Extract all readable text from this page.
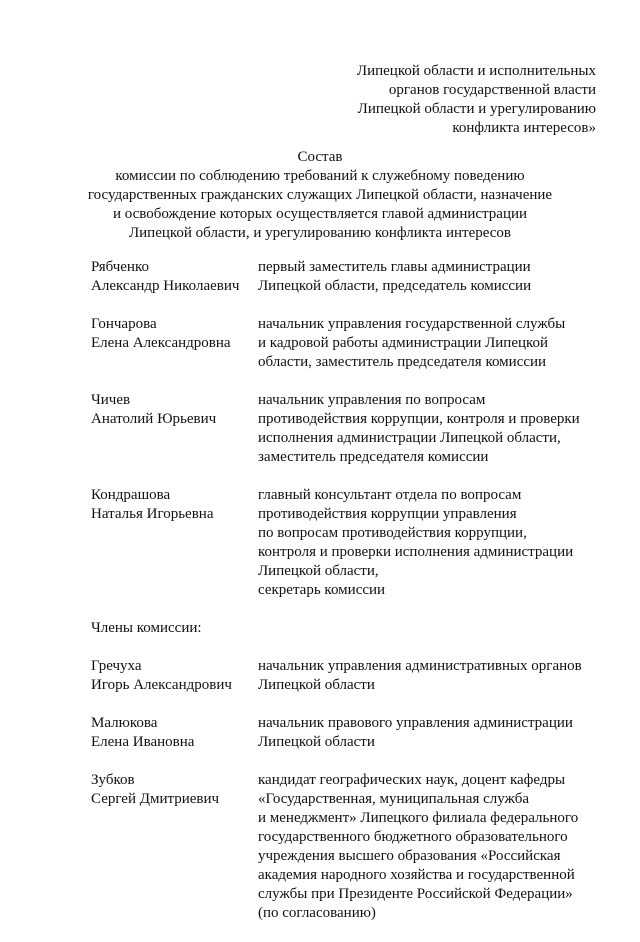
Липецкой области и исполнительных
органов государственной власти
Липецкой области и урегулированию
конфликта интересов»
Состав
комиссии по соблюдению требований к служебному поведению
государственных гражданских служащих Липецкой области, назначение
и освобождение которых осуществляется главой администрации
Липецкой области, и урегулированию конфликта интересов
Рябченко
Александр Николаевич
первый заместитель главы администрации
Липецкой области, председатель комиссии
Гончарова
Елена Александровна
начальник управления государственной службы
и кадровой работы администрации Липецкой
области, заместитель председателя комиссии
Чичев
Анатолий Юрьевич
начальник управления по вопросам
противодействия коррупции, контроля и проверки
исполнения администрации Липецкой области,
заместитель председателя комиссии
Кондрашова
Наталья Игорьевна
главный консультант отдела по вопросам
противодействия коррупции управления
по вопросам противодействия коррупции,
контроля и проверки исполнения администрации
Липецкой области,
секретарь комиссии
Члены комиссии:
Гречуха
Игорь Александрович
начальник управления административных органов
Липецкой области
Малюкова
Елена Ивановна
начальник правового управления администрации
Липецкой области
Зубков
Сергей Дмитриевич
кандидат географических наук, доцент кафедры
«Государственная, муниципальная служба
и менеджмент» Липецкого филиала федерального
государственного бюджетного образовательного
учреждения высшего образования «Российская
академия народного хозяйства и государственной
службы при Президенте Российской Федерации»
(по согласованию)
